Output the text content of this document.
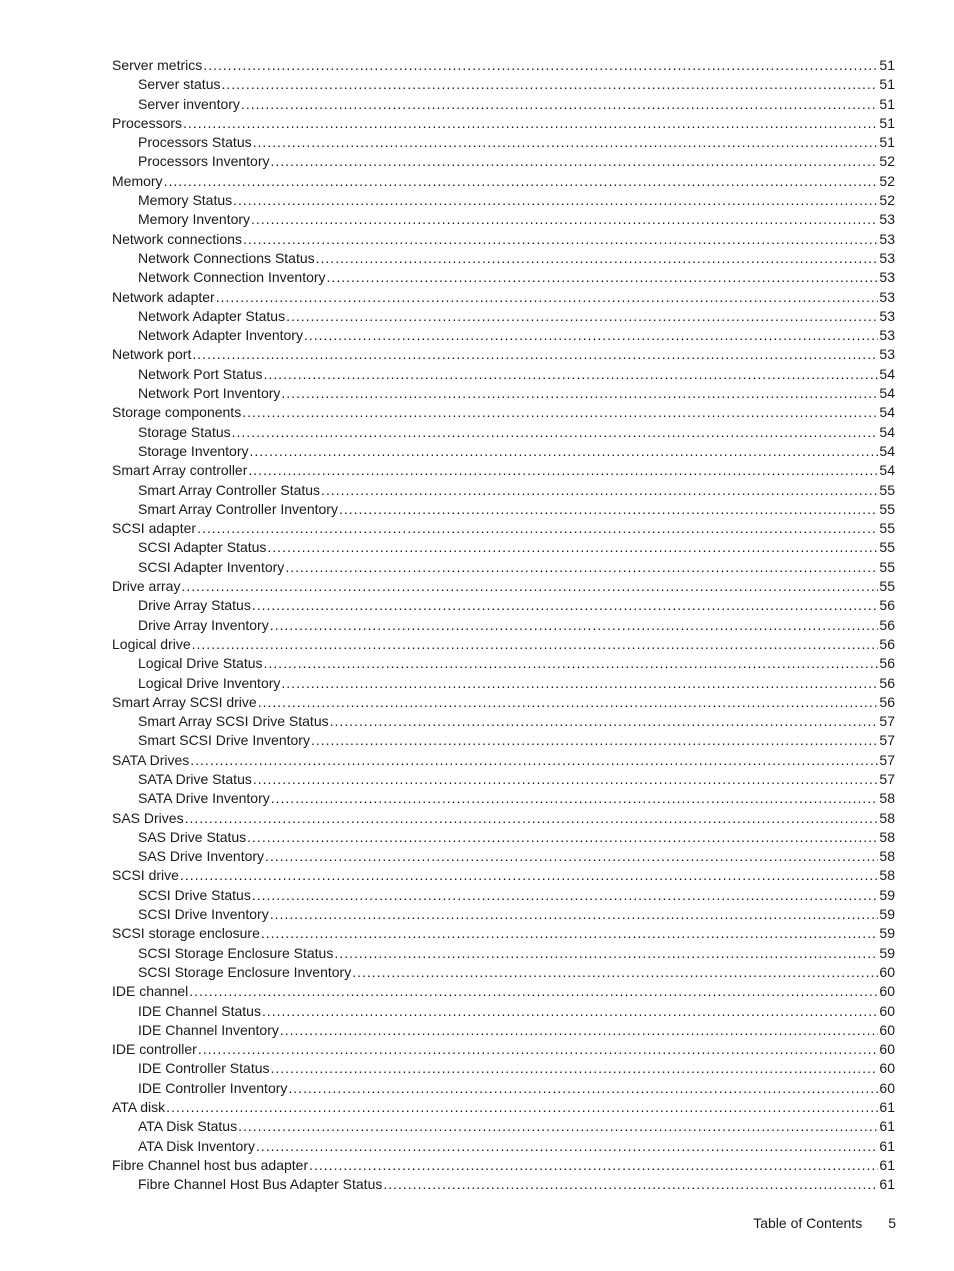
Server metrics .....	51
Server status .....	51
Server inventory .....	51
Processors .....	51
Processors Status .....	51
Processors Inventory .....	52
Memory .....	52
Memory Status .....	52
Memory Inventory .....	53
Network connections .....	53
Network Connections Status .....	53
Network Connection Inventory .....	53
Network adapter .....	53
Network Adapter Status .....	53
Network Adapter Inventory .....	53
Network port .....	53
Network Port Status .....	54
Network Port Inventory .....	54
Storage components .....	54
Storage Status .....	54
Storage Inventory .....	54
Smart Array controller .....	54
Smart Array Controller Status .....	55
Smart Array Controller Inventory .....	55
SCSI adapter .....	55
SCSI Adapter Status .....	55
SCSI Adapter Inventory .....	55
Drive array .....	55
Drive Array Status .....	56
Drive Array Inventory .....	56
Logical drive .....	56
Logical Drive Status .....	56
Logical Drive Inventory .....	56
Smart Array SCSI drive .....	56
Smart Array SCSI Drive Status .....	57
Smart SCSI Drive Inventory .....	57
SATA Drives .....	57
SATA Drive Status .....	57
SATA Drive Inventory .....	58
SAS Drives .....	58
SAS Drive Status .....	58
SAS Drive Inventory .....	58
SCSI drive .....	58
SCSI Drive Status .....	59
SCSI Drive Inventory .....	59
SCSI storage enclosure .....	59
SCSI Storage Enclosure Status .....	59
SCSI Storage Enclosure Inventory .....	60
IDE channel .....	60
IDE Channel Status .....	60
IDE Channel Inventory .....	60
IDE controller .....	60
IDE Controller Status .....	60
IDE Controller Inventory .....	60
ATA disk .....	61
ATA Disk Status .....	61
ATA Disk Inventory .....	61
Fibre Channel host bus adapter .....	61
Fibre Channel Host Bus Adapter Status .....	61
Table of Contents 5
